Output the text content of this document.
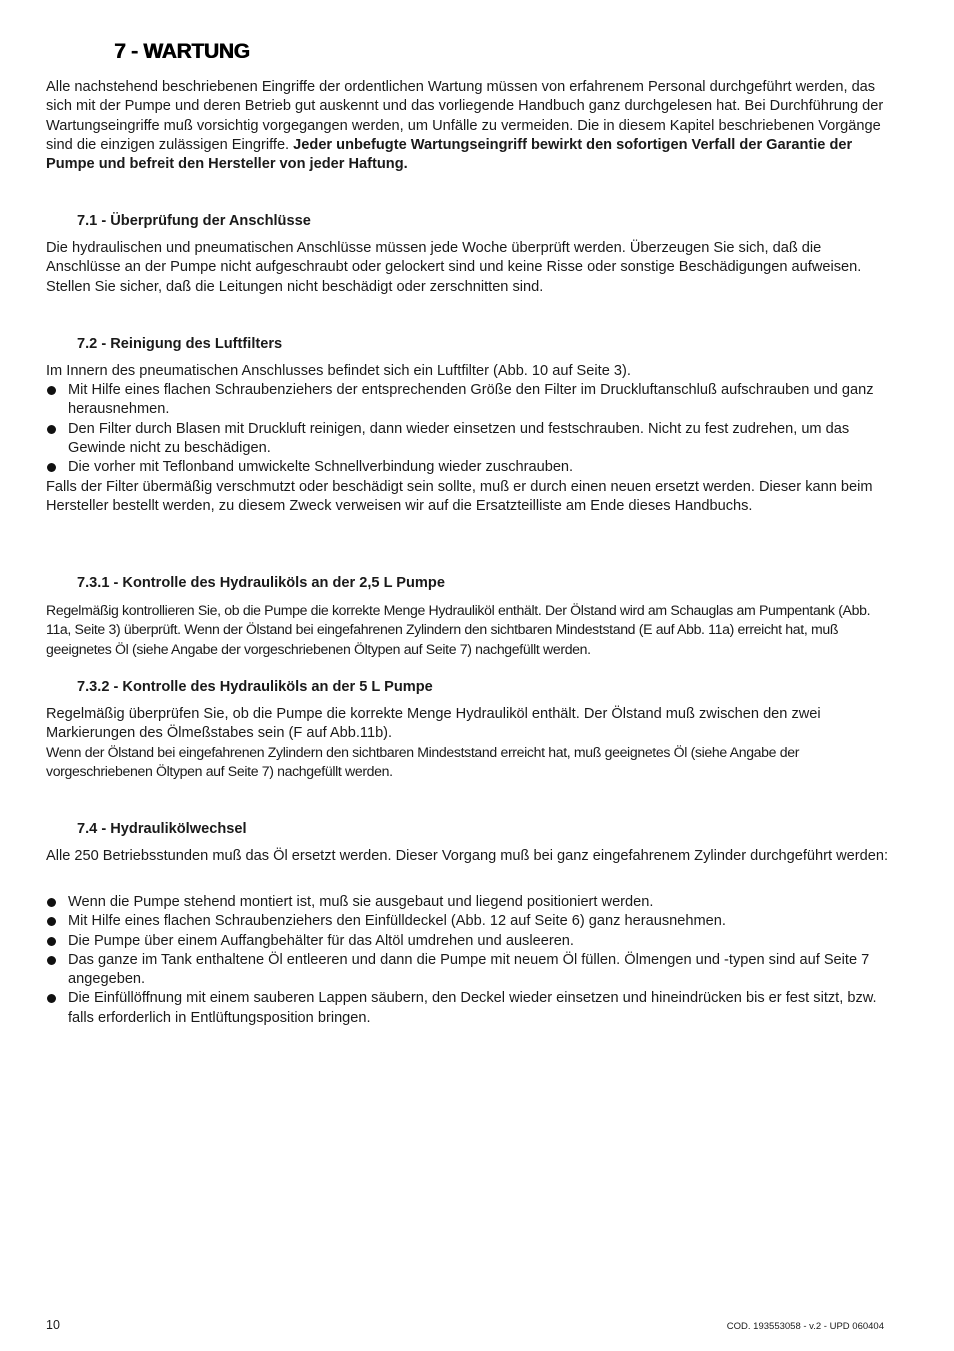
7 - WARTUNG

Alle nachstehend beschriebenen Eingriffe der ordentlichen Wartung müssen von erfahrenem Personal durchgeführt werden, das sich mit der Pumpe und deren Betrieb gut auskennt und das vorliegende Handbuch ganz durchgelesen hat. Bei Durchführung der Wartungseingriffe muß vorsichtig vorgegangen werden, um Unfälle zu vermeiden. Die in diesem Kapitel beschriebenen Vorgänge sind die einzigen zulässigen Eingriffe. Jeder unbefugte Wartungseingriff bewirkt den sofortigen Verfall der Garantie der Pumpe und befreit den Hersteller von jeder Haftung.

7.1 - Überprüfung der Anschlüsse

Die hydraulischen und pneumatischen Anschlüsse müssen jede Woche überprüft werden. Überzeugen Sie sich, daß die Anschlüsse an der Pumpe nicht aufgeschraubt oder gelockert sind und keine Risse oder sonstige Beschädigungen aufweisen. Stellen Sie sicher, daß die Leitungen nicht beschädigt oder zerschnitten sind.

7.2 - Reinigung des Luftfilters

Im Innern des pneumatischen Anschlusses befindet sich ein Luftfilter (Abb. 10 auf Seite 3).

Mit Hilfe eines flachen Schraubenziehers der entsprechenden Größe den Filter im Druckluftanschluß aufschrauben und ganz herausnehmen.
Den Filter durch Blasen mit Druckluft reinigen, dann wieder einsetzen und festschrauben. Nicht zu fest zudrehen, um das Gewinde nicht zu beschädigen.
Die vorher mit Teflonband umwickelte Schnellverbindung wieder zuschrauben.

Falls der Filter übermäßig verschmutzt oder beschädigt sein sollte, muß er durch einen neuen ersetzt werden. Dieser kann beim Hersteller bestellt werden, zu diesem Zweck verweisen wir auf die Ersatzteilliste am Ende dieses Handbuchs.

7.3.1 - Kontrolle des Hydrauliköls an der 2,5 L Pumpe

Regelmäßig kontrollieren Sie, ob die Pumpe die korrekte Menge Hydrauliköl enthält. Der Ölstand wird am Schauglas am Pumpentank (Abb. 11a, Seite 3) überprüft. Wenn der Ölstand bei eingefahrenen Zylindern den sichtbaren Mindeststand (E auf Abb. 11a) erreicht hat, muß geeignetes Öl (siehe Angabe der vorgeschriebenen Öltypen auf Seite 7) nachgefüllt werden.

7.3.2 - Kontrolle des Hydrauliköls an der 5 L Pumpe

Regelmäßig überprüfen Sie, ob die Pumpe die korrekte Menge Hydrauliköl enthält. Der Ölstand muß zwischen den zwei Markierungen des Ölmeßstabes sein (F auf Abb.11b).

Wenn der Ölstand bei eingefahrenen Zylindern den sichtbaren Mindeststand erreicht hat, muß geeignetes Öl (siehe Angabe der vorgeschriebenen Öltypen auf Seite 7) nachgefüllt werden.

7.4 - Hydraulikölwechsel

Alle 250 Betriebsstunden muß das Öl ersetzt werden. Dieser Vorgang muß bei ganz eingefahrenem Zylinder durchgeführt werden:

Wenn die Pumpe stehend montiert ist, muß sie ausgebaut und liegend positioniert werden.
Mit Hilfe eines flachen Schraubenziehers den Einfülldeckel (Abb. 12 auf Seite 6) ganz herausnehmen.
Die Pumpe über einem Auffangbehälter für das Altöl umdrehen und ausleeren.
Das ganze im Tank enthaltene Öl entleeren und dann die Pumpe mit neuem Öl füllen. Ölmengen und -typen sind auf Seite 7 angegeben.
Die Einfüllöffnung mit einem sauberen Lappen säubern, den Deckel wieder einsetzen und hineindrücken bis er fest sitzt, bzw. falls erforderlich in Entlüftungsposition bringen.
10	COD. 193553058 - v.2 - UPD 060404
